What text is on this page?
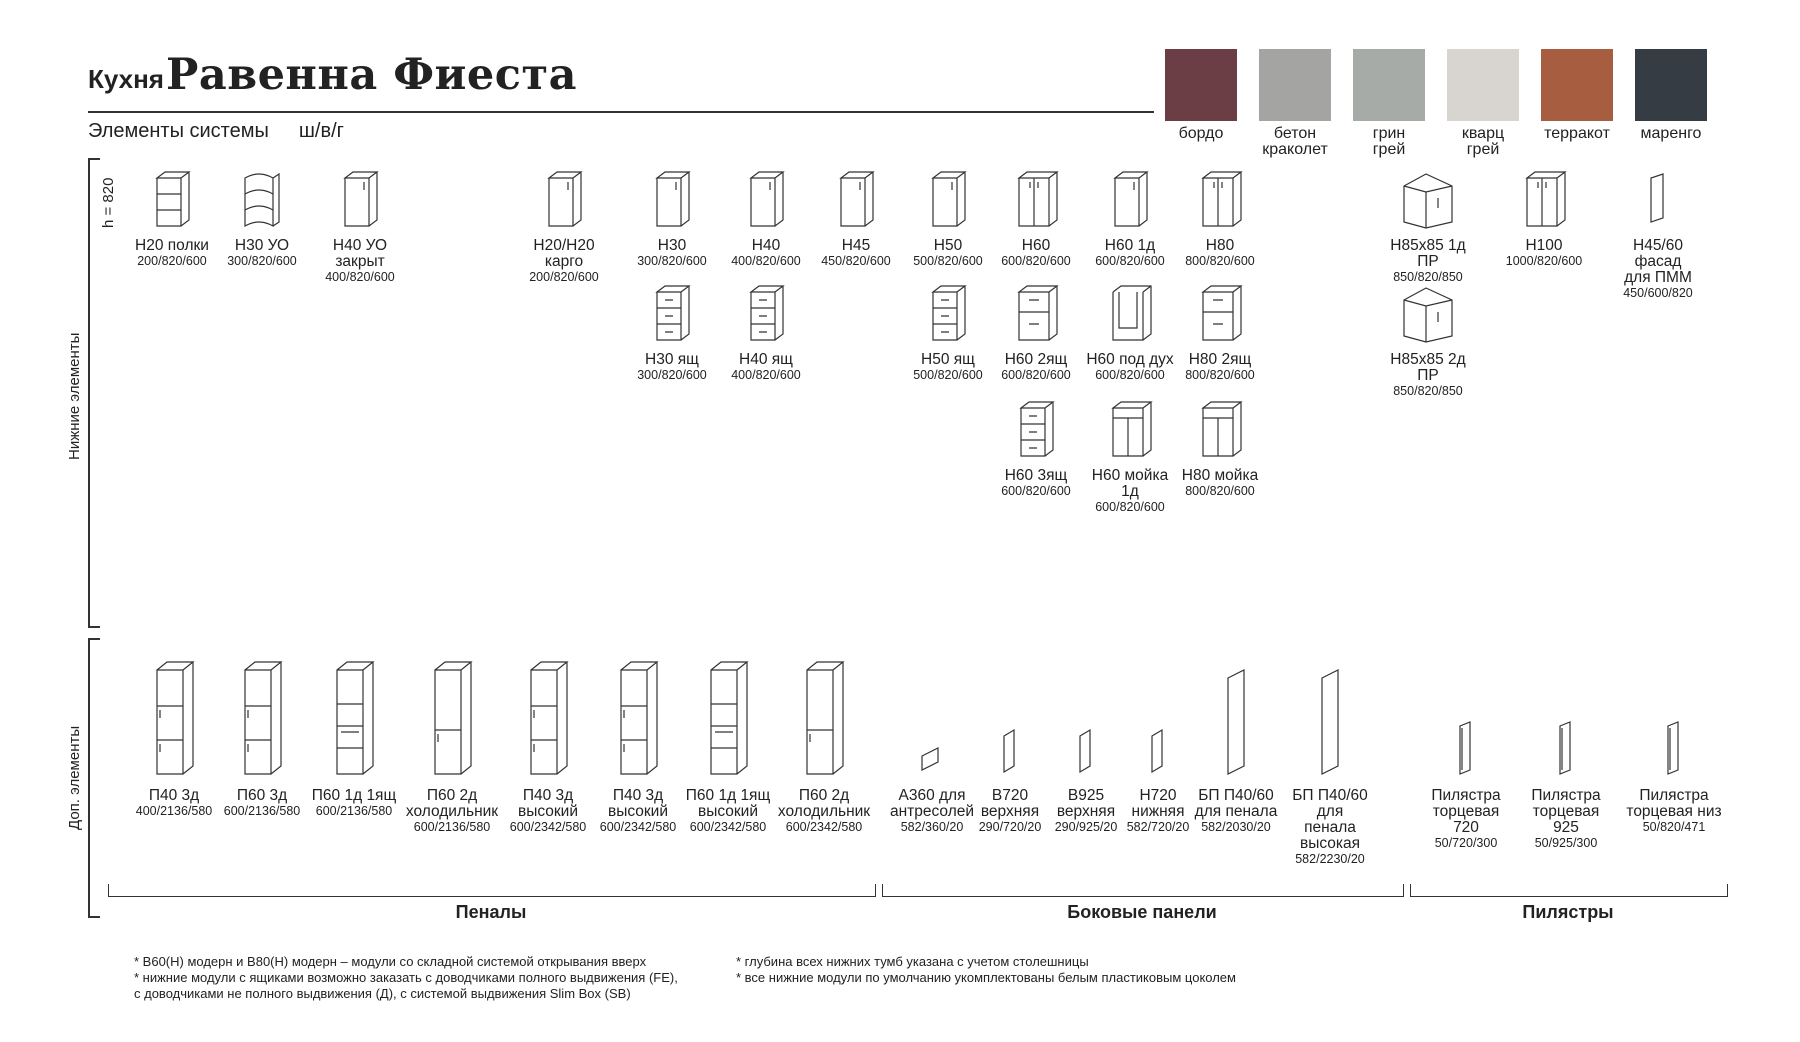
Кухня Равенна Фиеста
Элементы системы ш/в/г	бордо	бетон
краколет
грин
грей
кварц
грей
терракот	маренго
h = 820
Нижние элементы
Доп. элементы
Н20 полки
200/820/600
Н30 УО
300/820/600
Н40 УО закрыт
400/820/600
Н20/Н20 карго
200/820/600
Н30
300/820/600
Н40
400/820/600
Н45
450/820/600
Н50
500/820/600
Н60
600/820/600
Н60 1д
600/820/600
Н80
800/820/600
Н85х85 1д ПР
850/820/850
Н100
1000/820/600
Н45/60 фасад
для ПММ
450/600/820
Н30 ящ
300/820/600
Н40 ящ
400/820/600
Н50 ящ
500/820/600
Н60 2ящ
600/820/600
Н60 под дух
600/820/600
Н80 2ящ
800/820/600
Н85х85 2д ПР
850/820/850
Н60 3ящ
600/820/600
Н60 мойка 1д
600/820/600
Н80 мойка
800/820/600
П40 3д
400/2136/580
П60 3д
600/2136/580
П60 1д 1ящ
600/2136/580
П60 2д
холодильник
600/2136/580
П40 3д
высокий
600/2342/580
П40 3д
высокий
600/2342/580
П60 1д 1ящ
высокий
600/2342/580
П60 2д
холодильник
600/2342/580
А360 для
антресолей
582/360/20
В720
верхняя
290/720/20
В925
верхняя
290/925/20
Н720
нижняя
582/720/20
БП П40/60
для пенала
582/2030/20
БП П40/60 для
пенала высокая
582/2230/20
Пилястра
торцевая 720
50/720/300
Пилястра
торцевая 925
50/925/300
Пилястра
торцевая низ
50/820/471
Пеналы	Боковые панели	Пилястры
* В60(Н) модерн и В80(Н) модерн – модули со складной системой открывания вверх
* нижние модули с ящиками возможно заказать с доводчиками полного выдвижения (FE),
с доводчиками не полного выдвижения (Д), с системой выдвижения Slim Box (SB)
* глубина всех нижних тумб указана с учетом столешницы
* все нижние модули по умолчанию укомплектованы белым пластиковым цоколем
